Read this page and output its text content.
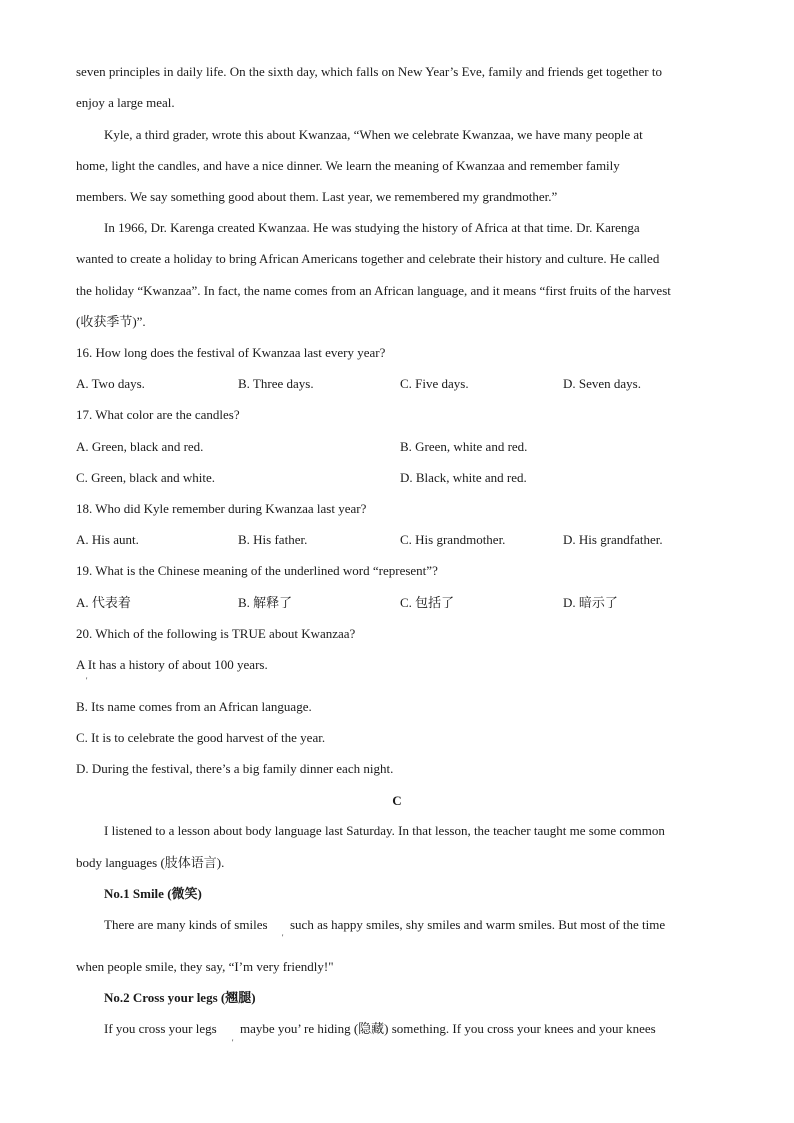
seven principles in daily life. On the sixth day, which falls on New Year’s Eve, family and friends get together to
enjoy a large meal.
Kyle, a third grader, wrote this about Kwanzaa, “When we celebrate Kwanzaa, we have many people at
home, light the candles, and have a nice dinner. We learn the meaning of Kwanzaa and remember family
members. We say something good about them. Last year, we remembered my grandmother.”
In 1966, Dr. Karenga created Kwanzaa. He was studying the history of Africa at that time. Dr. Karenga
wanted to create a holiday to bring African Americans together and celebrate their history and culture. He called
the holiday “Kwanzaa”. In fact, the name comes from an African language, and it means “first fruits of the harvest
(收获季节)”.
16. How long does the festival of Kwanzaa last every year?
A. Two days.	B. Three days.	C. Five days.	D. Seven days.
17. What color are the candles?
A. Green, black and red.	B. Green, white and red.
C. Green, black and white.	D. Black, white and red.
18. Who did Kyle remember during Kwanzaa last year?
A. His aunt.	B. His father.	C. His grandmother.	D. His grandfather.
19. What is the Chinese meaning of the underlined word “represent”?
A. 代表着	B. 解释了	C. 包括了	D. 暗示了
20. Which of the following is TRUE about Kwanzaa?
A It has a history of about 100 years.
'
B. Its name comes from an African language.
C. It is to celebrate the good harvest of the year.
D. During the festival, there’s a big family dinner each night.
C
I listened to a lesson about body language last Saturday. In that lesson, the teacher taught me some common
body languages (肢体语言).
No.1 Smile (微笑)
There are many kinds of smiles
'
such as happy smiles, shy smiles and warm smiles. But most of the time
when people smile, they say, “I’m very friendly!"
No.2 Cross your legs (翘腿)
If you cross your legs
'
maybe you’ re hiding (隐藏) something. If you cross your knees and your knees
